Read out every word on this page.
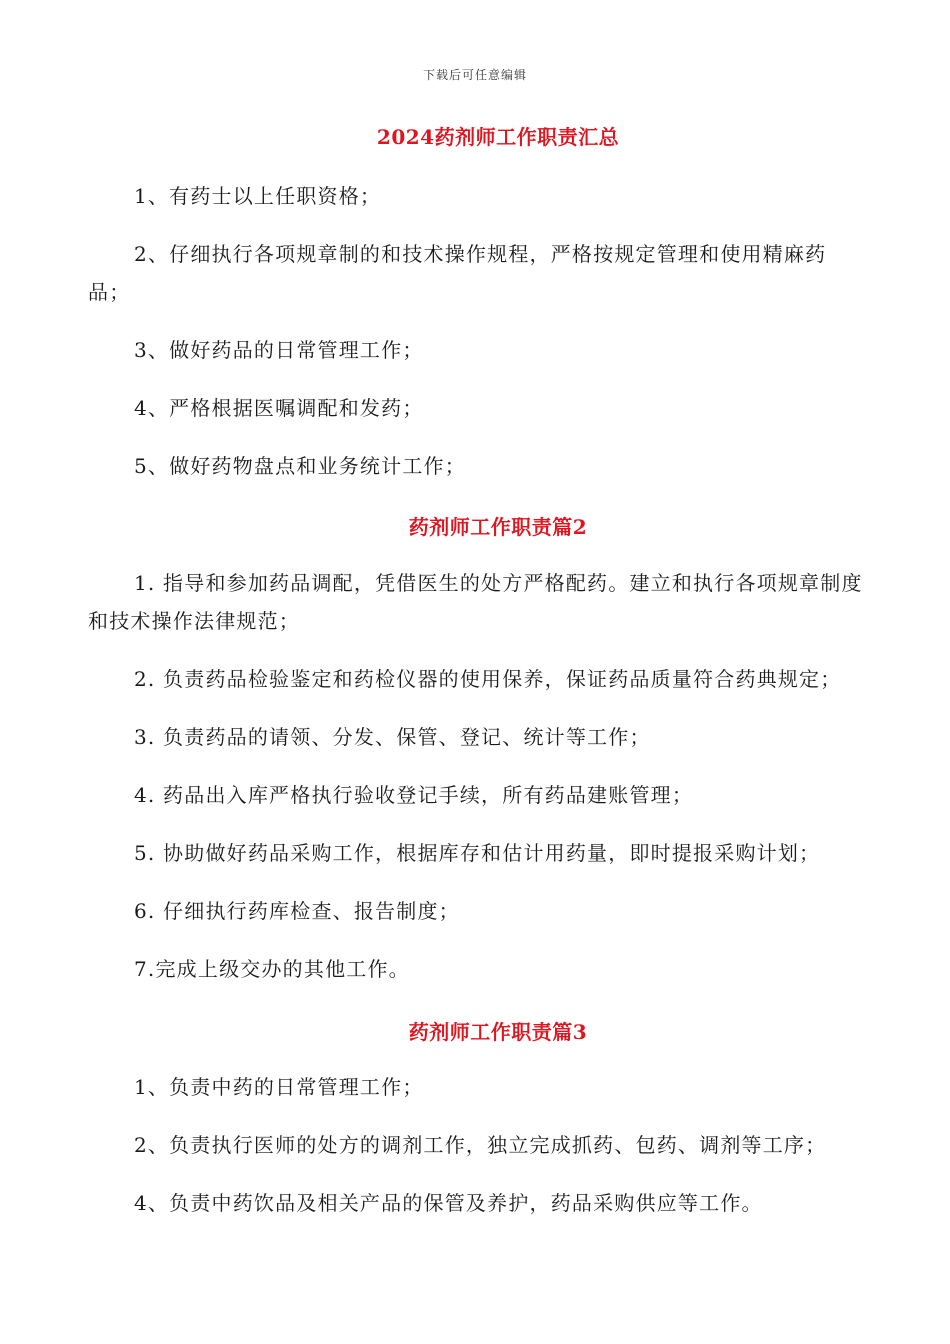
下载后可任意编辑
2024药剂师工作职责汇总
1、有药士以上任职资格；
2、仔细执行各项规章制的和技术操作规程，严格按规定管理和使用精麻药品；
3、做好药品的日常管理工作；
4、严格根据医嘱调配和发药；
5、做好药物盘点和业务统计工作；
药剂师工作职责篇2
1. 指导和参加药品调配，凭借医生的处方严格配药。建立和执行各项规章制度和技术操作法律规范；
2. 负责药品检验鉴定和药检仪器的使用保养，保证药品质量符合药典规定；
3. 负责药品的请领、分发、保管、登记、统计等工作；
4. 药品出入库严格执行验收登记手续，所有药品建账管理；
5. 协助做好药品采购工作，根据库存和估计用药量，即时提报采购计划；
6. 仔细执行药库检查、报告制度；
7.完成上级交办的其他工作。
药剂师工作职责篇3
1、负责中药的日常管理工作；
2、负责执行医师的处方的调剂工作，独立完成抓药、包药、调剂等工序；
4、负责中药饮品及相关产品的保管及养护，药品采购供应等工作。
